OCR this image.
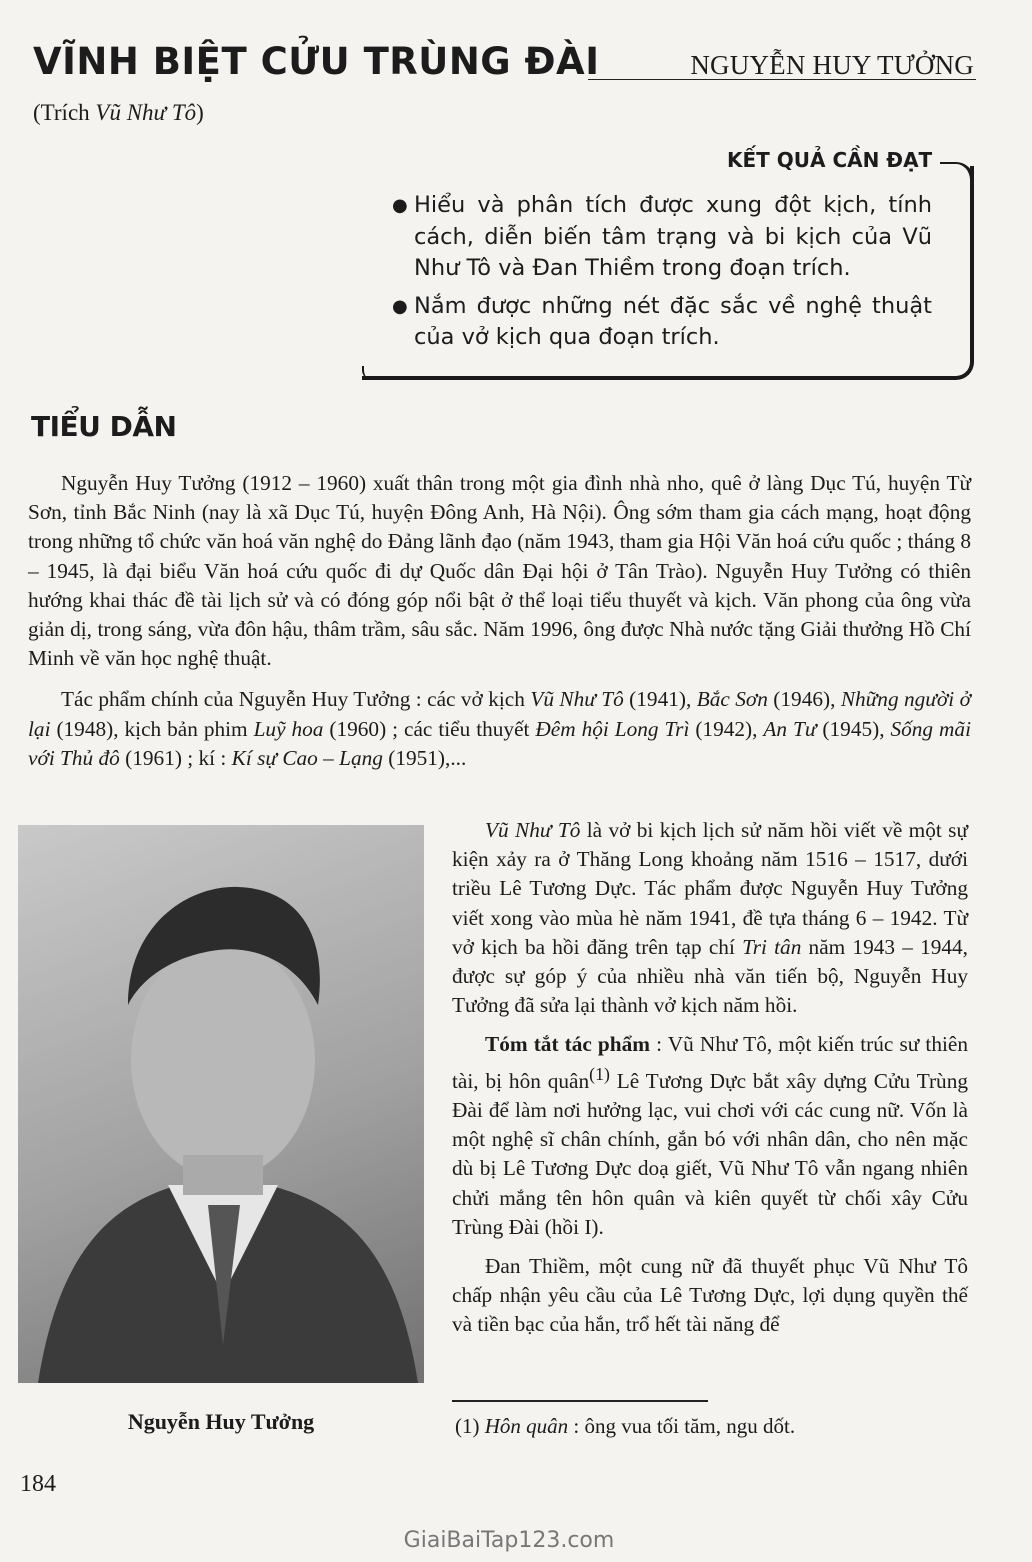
VĨNH BIỆT CỬU TRÙNG ĐÀI	NGUYỄN HUY TƯỞNG
(Trích Vũ Như Tô)
KẾT QUẢ CẦN ĐẠT
● Hiểu và phân tích được xung đột kịch, tính cách, diễn biến tâm trạng và bi kịch của Vũ Như Tô và Đan Thiềm trong đoạn trích.
● Nắm được những nét đặc sắc về nghệ thuật của vở kịch qua đoạn trích.
TIỂU DẪN

Nguyễn Huy Tưởng (1912 – 1960) xuất thân trong một gia đình nhà nho, quê ở làng Dục Tú, huyện Từ Sơn, tỉnh Bắc Ninh (nay là xã Dục Tú, huyện Đông Anh, Hà Nội). Ông sớm tham gia cách mạng, hoạt động trong những tổ chức văn hoá văn nghệ do Đảng lãnh đạo (năm 1943, tham gia Hội Văn hoá cứu quốc ; tháng 8 – 1945, là đại biểu Văn hoá cứu quốc đi dự Quốc dân Đại hội ở Tân Trào). Nguyễn Huy Tưởng có thiên hướng khai thác đề tài lịch sử và có đóng góp nổi bật ở thể loại tiểu thuyết và kịch. Văn phong của ông vừa giản dị, trong sáng, vừa đôn hậu, thâm trầm, sâu sắc. Năm 1996, ông được Nhà nước tặng Giải thưởng Hồ Chí Minh về văn học nghệ thuật.

Tác phẩm chính của Nguyễn Huy Tưởng : các vở kịch Vũ Như Tô (1941), Bắc Sơn (1946), Những người ở lại (1948), kịch bản phim Luỹ hoa (1960) ; các tiểu thuyết Đêm hội Long Trì (1942), An Tư (1945), Sống mãi với Thủ đô (1961) ; kí : Kí sự Cao – Lạng (1951),...

Nguyễn Huy Tưởng

Vũ Như Tô là vở bi kịch lịch sử năm hồi viết về một sự kiện xảy ra ở Thăng Long khoảng năm 1516 – 1517, dưới triều Lê Tương Dực. Tác phẩm được Nguyễn Huy Tưởng viết xong vào mùa hè năm 1941, đề tựa tháng 6 – 1942. Từ vở kịch ba hồi đăng trên tạp chí Tri tân năm 1943 – 1944, được sự góp ý của nhiều nhà văn tiến bộ, Nguyễn Huy Tưởng đã sửa lại thành vở kịch năm hồi.

Tóm tắt tác phẩm : Vũ Như Tô, một kiến trúc sư thiên tài, bị hôn quân$^{(1)}$ Lê Tương Dực bắt xây dựng Cửu Trùng Đài để làm nơi hưởng lạc, vui chơi với các cung nữ. Vốn là một nghệ sĩ chân chính, gắn bó với nhân dân, cho nên mặc dù bị Lê Tương Dực doạ giết, Vũ Như Tô vẫn ngang nhiên chửi mắng tên hôn quân và kiên quyết từ chối xây Cửu Trùng Đài (hồi I).

Đan Thiềm, một cung nữ đã thuyết phục Vũ Như Tô chấp nhận yêu cầu của Lê Tương Dực, lợi dụng quyền thế và tiền bạc của hắn, trổ hết tài năng để

(1) Hôn quân : ông vua tối tăm, ngu dốt.
184
GiaiBaiTap123.com
